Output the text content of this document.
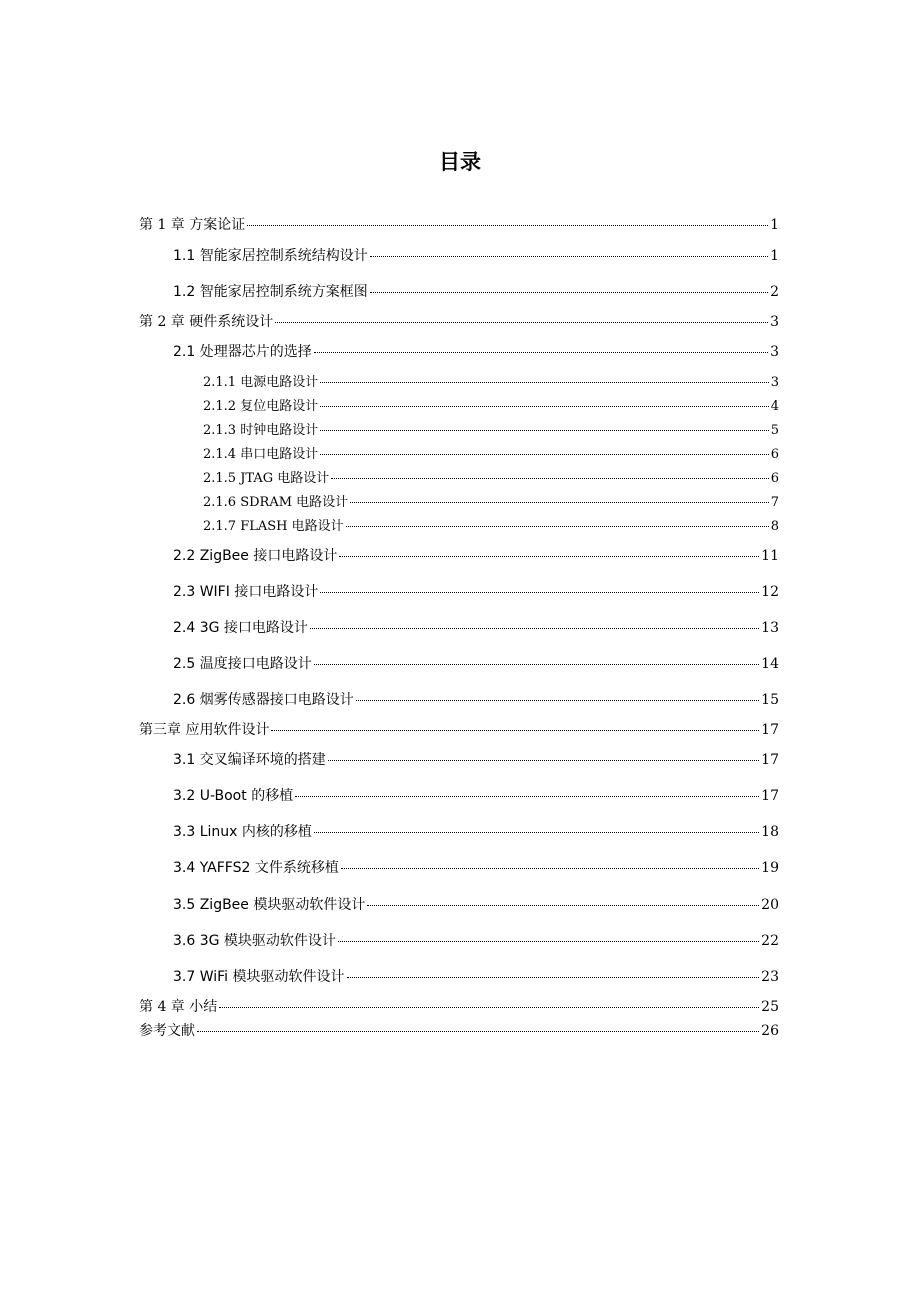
目录
第 1 章 方案论证	1
1.1 智能家居控制系统结构设计	1
1.2 智能家居控制系统方案框图	2
第 2 章 硬件系统设计	3
2.1 处理器芯片的选择	3
2.1.1 电源电路设计	3
2.1.2 复位电路设计	4
2.1.3 时钟电路设计	5
2.1.4 串口电路设计	6
2.1.5 JTAG 电路设计	6
2.1.6 SDRAM 电路设计	7
2.1.7 FLASH 电路设计	8
2.2 ZigBee 接口电路设计	11
2.3 WIFI 接口电路设计	12
2.4 3G 接口电路设计	13
2.5 温度接口电路设计	14
2.6 烟雾传感器接口电路设计	15
第三章 应用软件设计	17
3.1 交叉编译环境的搭建	17
3.2 U-Boot 的移植	17
3.3 Linux 内核的移植	18
3.4 YAFFS2 文件系统移植	19
3.5 ZigBee 模块驱动软件设计	20
3.6 3G 模块驱动软件设计	22
3.7 WiFi 模块驱动软件设计	23
第 4 章 小结	25
参考文献	26
